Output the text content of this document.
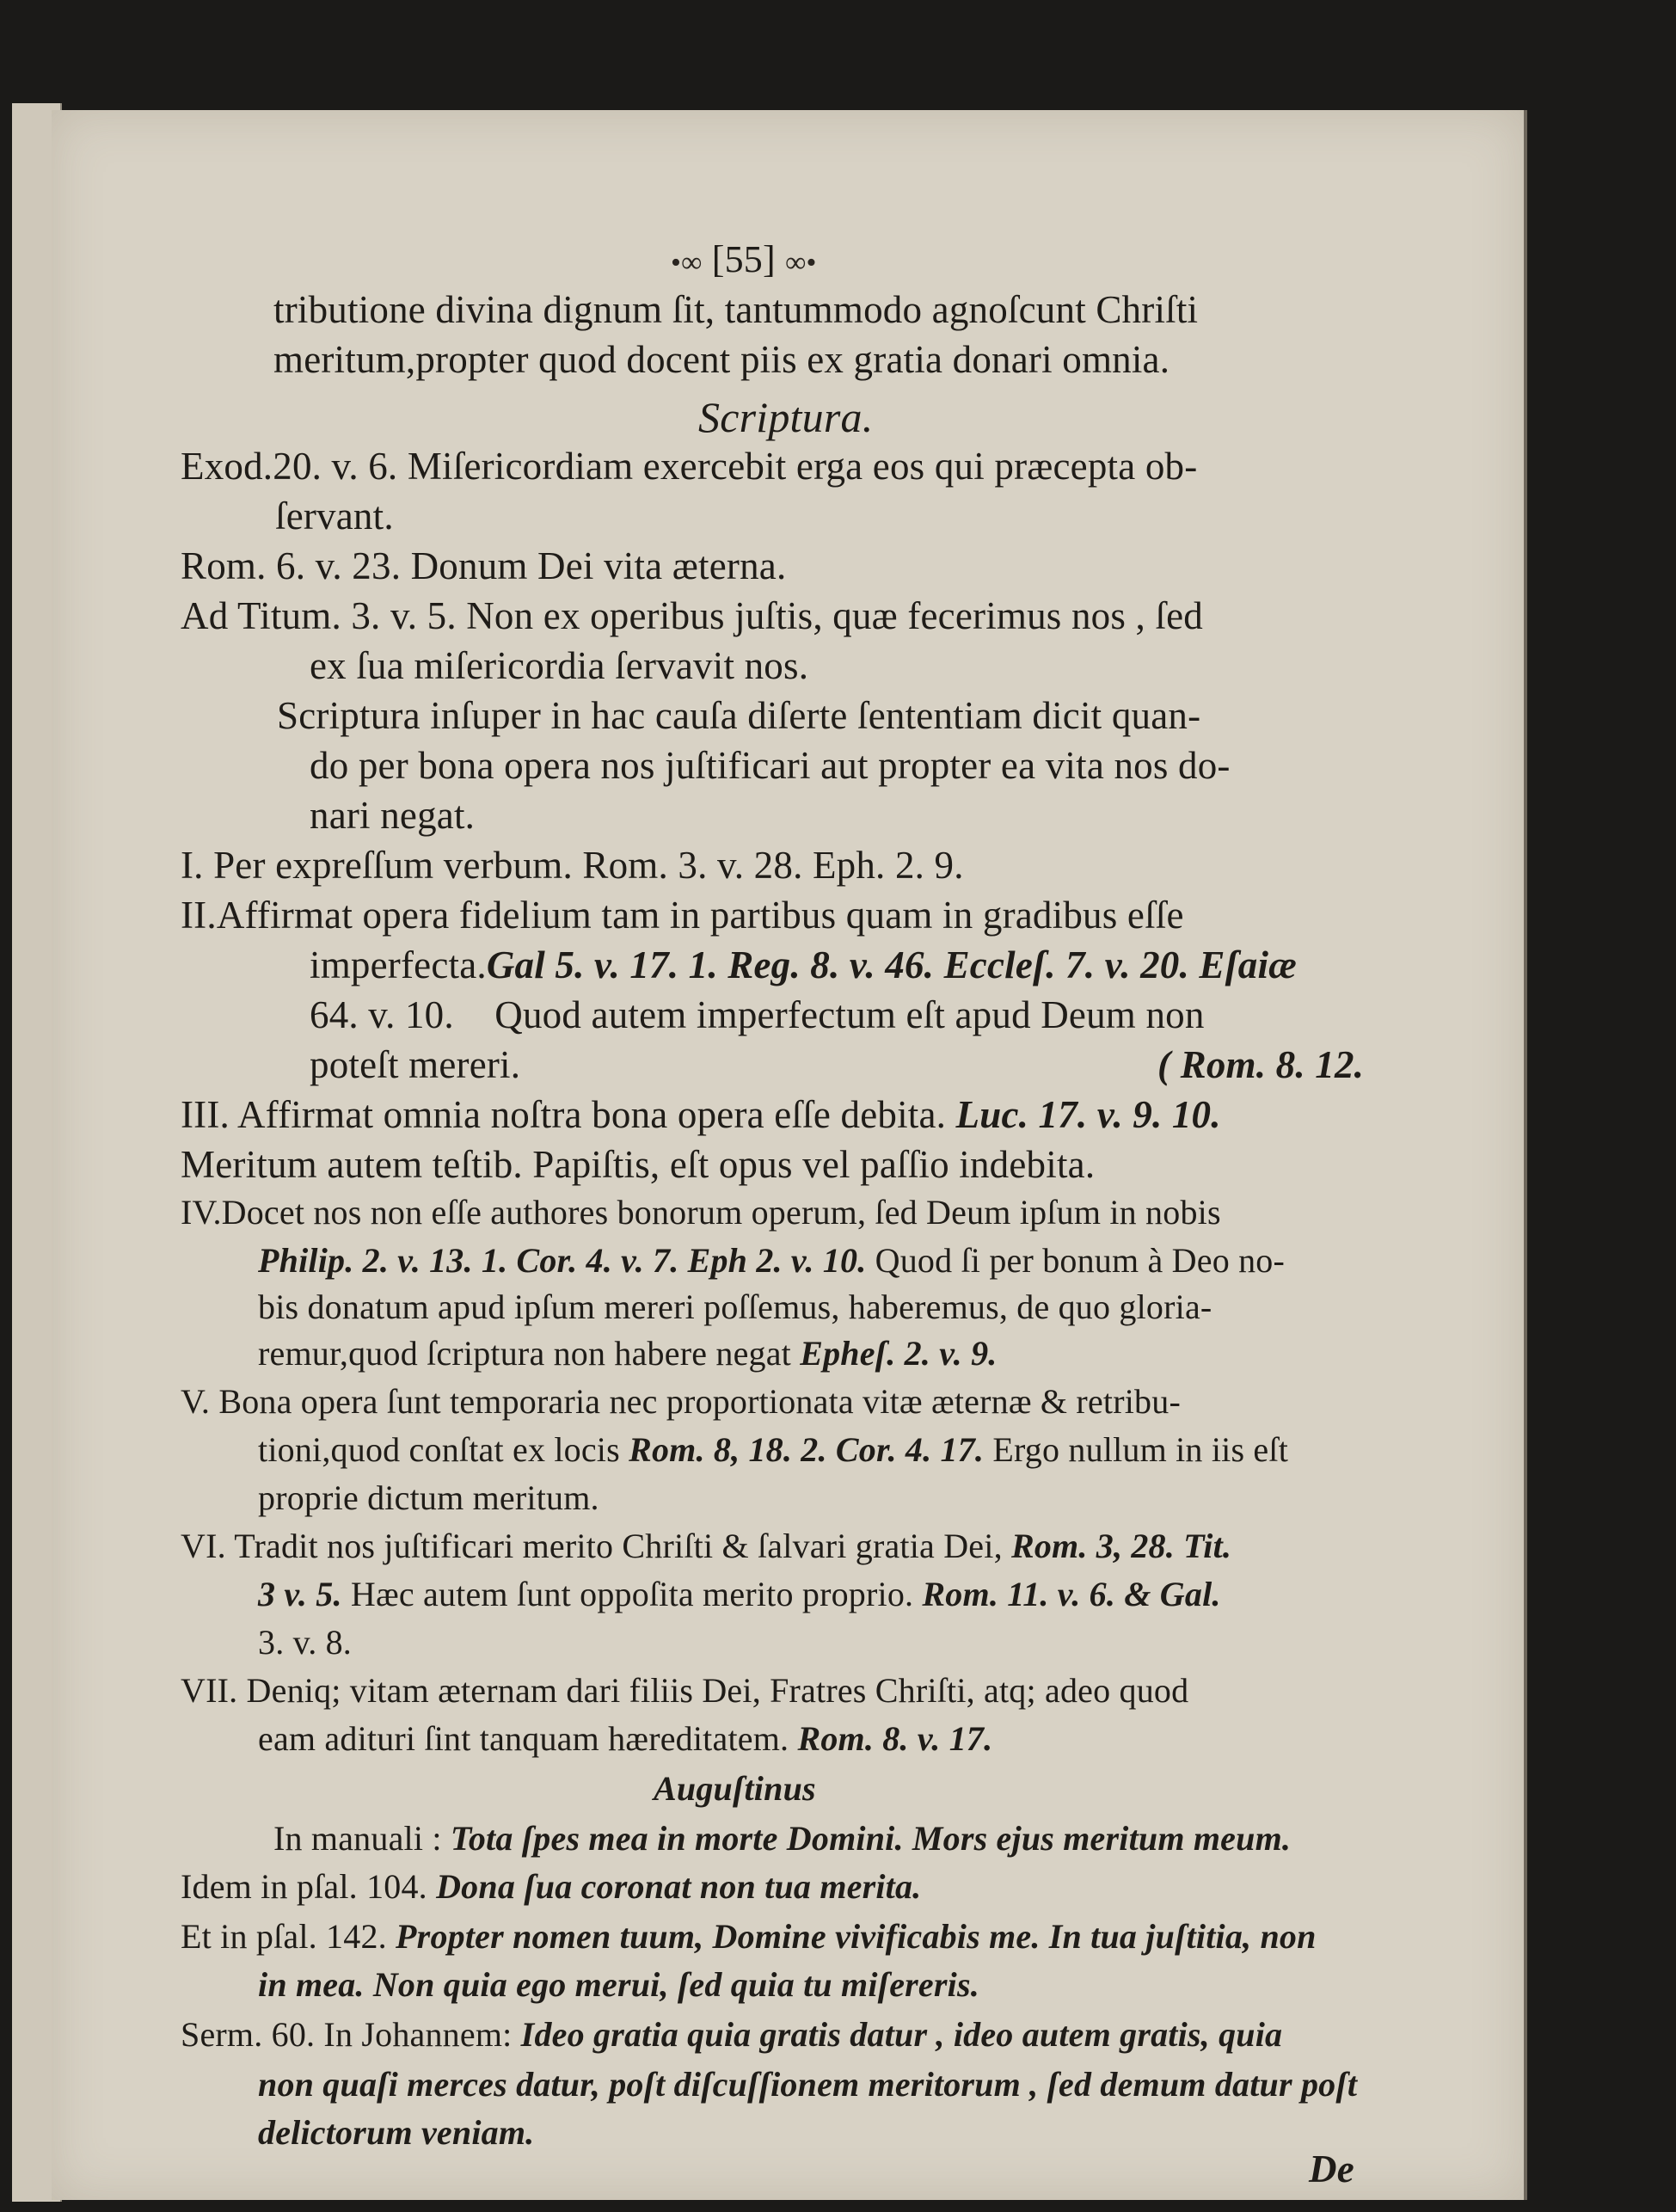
•∞ [55] ∞•
tributione divina dignum ſit, tantummodo agnoſcunt Chriſti
meritum,propter quod docent piis ex gratia donari omnia.
Scriptura.
Exod.20. v. 6. Miſericordiam exercebit erga eos qui præcepta ob-
ſervant.
Rom. 6. v. 23. Donum Dei vita æterna.
Ad Titum. 3. v. 5. Non ex operibus juſtis, quæ fecerimus nos , ſed
ex ſua miſericordia ſervavit nos.
Scriptura inſuper in hac cauſa diſerte ſententiam dicit quan-
do per bona opera nos juſtificari aut propter ea vita nos do-
nari negat.
I. Per expreſſum verbum. Rom. 3. v. 28. Eph. 2. 9.
II.Affirmat opera fidelium tam in partibus quam in gradibus eſſe
imperfecta.Gal 5. v. 17. 1. Reg. 8. v. 46. Eccleſ. 7. v. 20. Eſaiæ
64. v. 10. Quod autem imperfectum eſt apud Deum non
poteſt mereri.	( Rom. 8. 12.
III. Affirmat omnia noſtra bona opera eſſe debita. Luc. 17. v. 9. 10.
Meritum autem teſtib. Papiſtis, eſt opus vel paſſio indebita.
IV.Docet nos non eſſe authores bonorum operum, ſed Deum ipſum in nobis
Philip. 2. v. 13. 1. Cor. 4. v. 7. Eph 2. v. 10. Quod ſi per bonum à Deo no-
bis donatum apud ipſum mereri poſſemus, haberemus, de quo gloria-
remur,quod ſcriptura non habere negat Epheſ. 2. v. 9.
V. Bona opera ſunt temporaria nec proportionata vitæ æternæ & retribu-
tioni,quod conſtat ex locis Rom. 8, 18. 2. Cor. 4. 17. Ergo nullum in iis eſt
proprie dictum meritum.
VI. Tradit nos juſtificari merito Chriſti & ſalvari gratia Dei, Rom. 3, 28. Tit.
3 v. 5. Hæc autem ſunt oppoſita merito proprio. Rom. 11. v. 6. & Gal.
3. v. 8.
VII. Deniq; vitam æternam dari filiis Dei, Fratres Chriſti, atq; adeo quod
eam adituri ſint tanquam hæreditatem. Rom. 8. v. 17.
Auguſtinus
In manuali : Tota ſpes mea in morte Domini. Mors ejus meritum meum.
Idem in pſal. 104. Dona ſua coronat non tua merita.
Et in pſal. 142. Propter nomen tuum, Domine vivificabis me. In tua juſtitia, non
in mea. Non quia ego merui, ſed quia tu miſereris.
Serm. 60. In Johannem: Ideo gratia quia gratis datur , ideo autem gratis, quia
non quaſi merces datur, poſt diſcuſſionem meritorum , ſed demum datur poſt
delictorum veniam.
De
